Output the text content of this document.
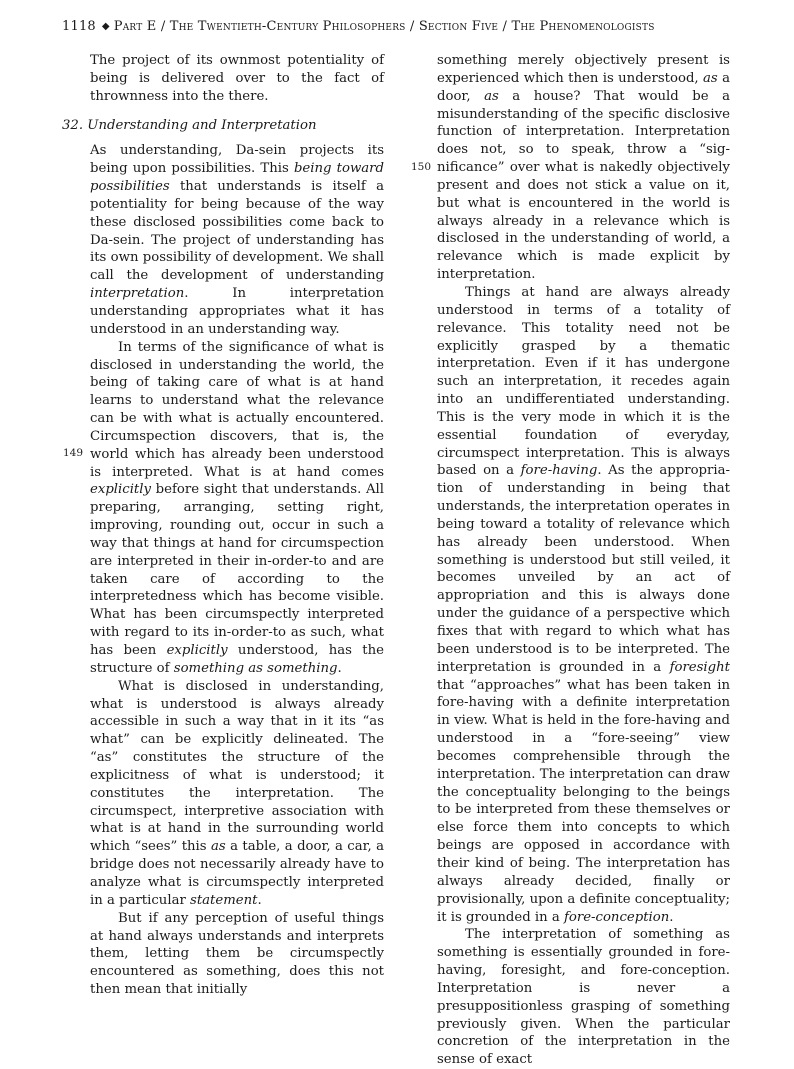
1118 ◆ Part E / The Twentieth-Century Philosophers / Section Five / The Phenomenologists
149
150

The project of its ownmost potentiality of being is delivered over to the fact of thrownness into the there.

32. Understanding and Interpretation

As understanding, Da-sein projects its being upon possibilities. This being toward possibilities that understands is itself a potentiality for being because of the way these disclosed possibilities come back to Da-sein. The project of understanding has its own possibility of development. We shall call the development of understanding interpretation. In interpretation understanding appropriates what it has understood in an understanding way.

In terms of the significance of what is disclosed in understanding the world, the being of taking care of what is at hand learns to understand what the relevance can be with what is actually encountered. Circumspection discovers, that is, the world which has already been understood is interpreted. What is at hand comes explicitly before sight that understands. All preparing, arranging, setting right, improving, rounding out, occur in such a way that things at hand for circumspection are interpreted in their in-order-to and are taken care of according to the interpretedness which has become visible. What has been circumspectly interpreted with regard to its in-order-to as such, what has been explicitly understood, has the structure of something as something.

What is disclosed in understanding, what is understood is always already accessible in such a way that in it its “as what” can be explicitly delineated. The “as” constitutes the structure of the explicitness of what is understood; it constitutes the interpretation. The circumspect, interpretive association with what is at hand in the surrounding world which “sees” this as a table, a door, a car, a bridge does not necessarily already have to analyze what is circumspectly interpreted in a particular statement.

But if any perception of useful things at hand always understands and interprets them, letting them be circumspectly encountered as something, does this not then mean that initially

something merely objectively present is experienced which then is understood, as a door, as a house? That would be a misunderstanding of the specific disclosive function of interpretation. Interpretation does not, so to speak, throw a “significance” over what is nakedly objectively present and does not stick a value on it, but what is encountered in the world is always already in a relevance which is disclosed in the understanding of world, a relevance which is made explicit by interpretation.

Things at hand are always already understood in terms of a totality of relevance. This totality need not be explicitly grasped by a thematic interpretation. Even if it has undergone such an interpretation, it recedes again into an undifferentiated understanding. This is the very mode in which it is the essential foundation of everyday, circumspect interpretation. This is always based on a fore-having. As the appropriation of understanding in being that understands, the interpretation operates in being toward a totality of relevance which has already been understood. When something is understood but still veiled, it becomes unveiled by an act of appropriation and this is always done under the guidance of a perspective which fixes that with regard to which what has been understood is to be interpreted. The interpretation is grounded in a foresight that “approaches” what has been taken in fore-having with a definite interpretation in view. What is held in the fore-having and understood in a “fore-seeing” view becomes comprehensible through the interpretation. The interpretation can draw the conceptuality belonging to the beings to be interpreted from these themselves or else force them into concepts to which beings are opposed in accordance with their kind of being. The interpretation has always already decided, finally or provisionally, upon a definite conceptuality; it is grounded in a fore-conception.

The interpretation of something as something is essentially grounded in fore-having, foresight, and fore-conception. Interpretation is never a presuppositionless grasping of something previously given. When the particular concretion of the interpretation in the sense of exact
